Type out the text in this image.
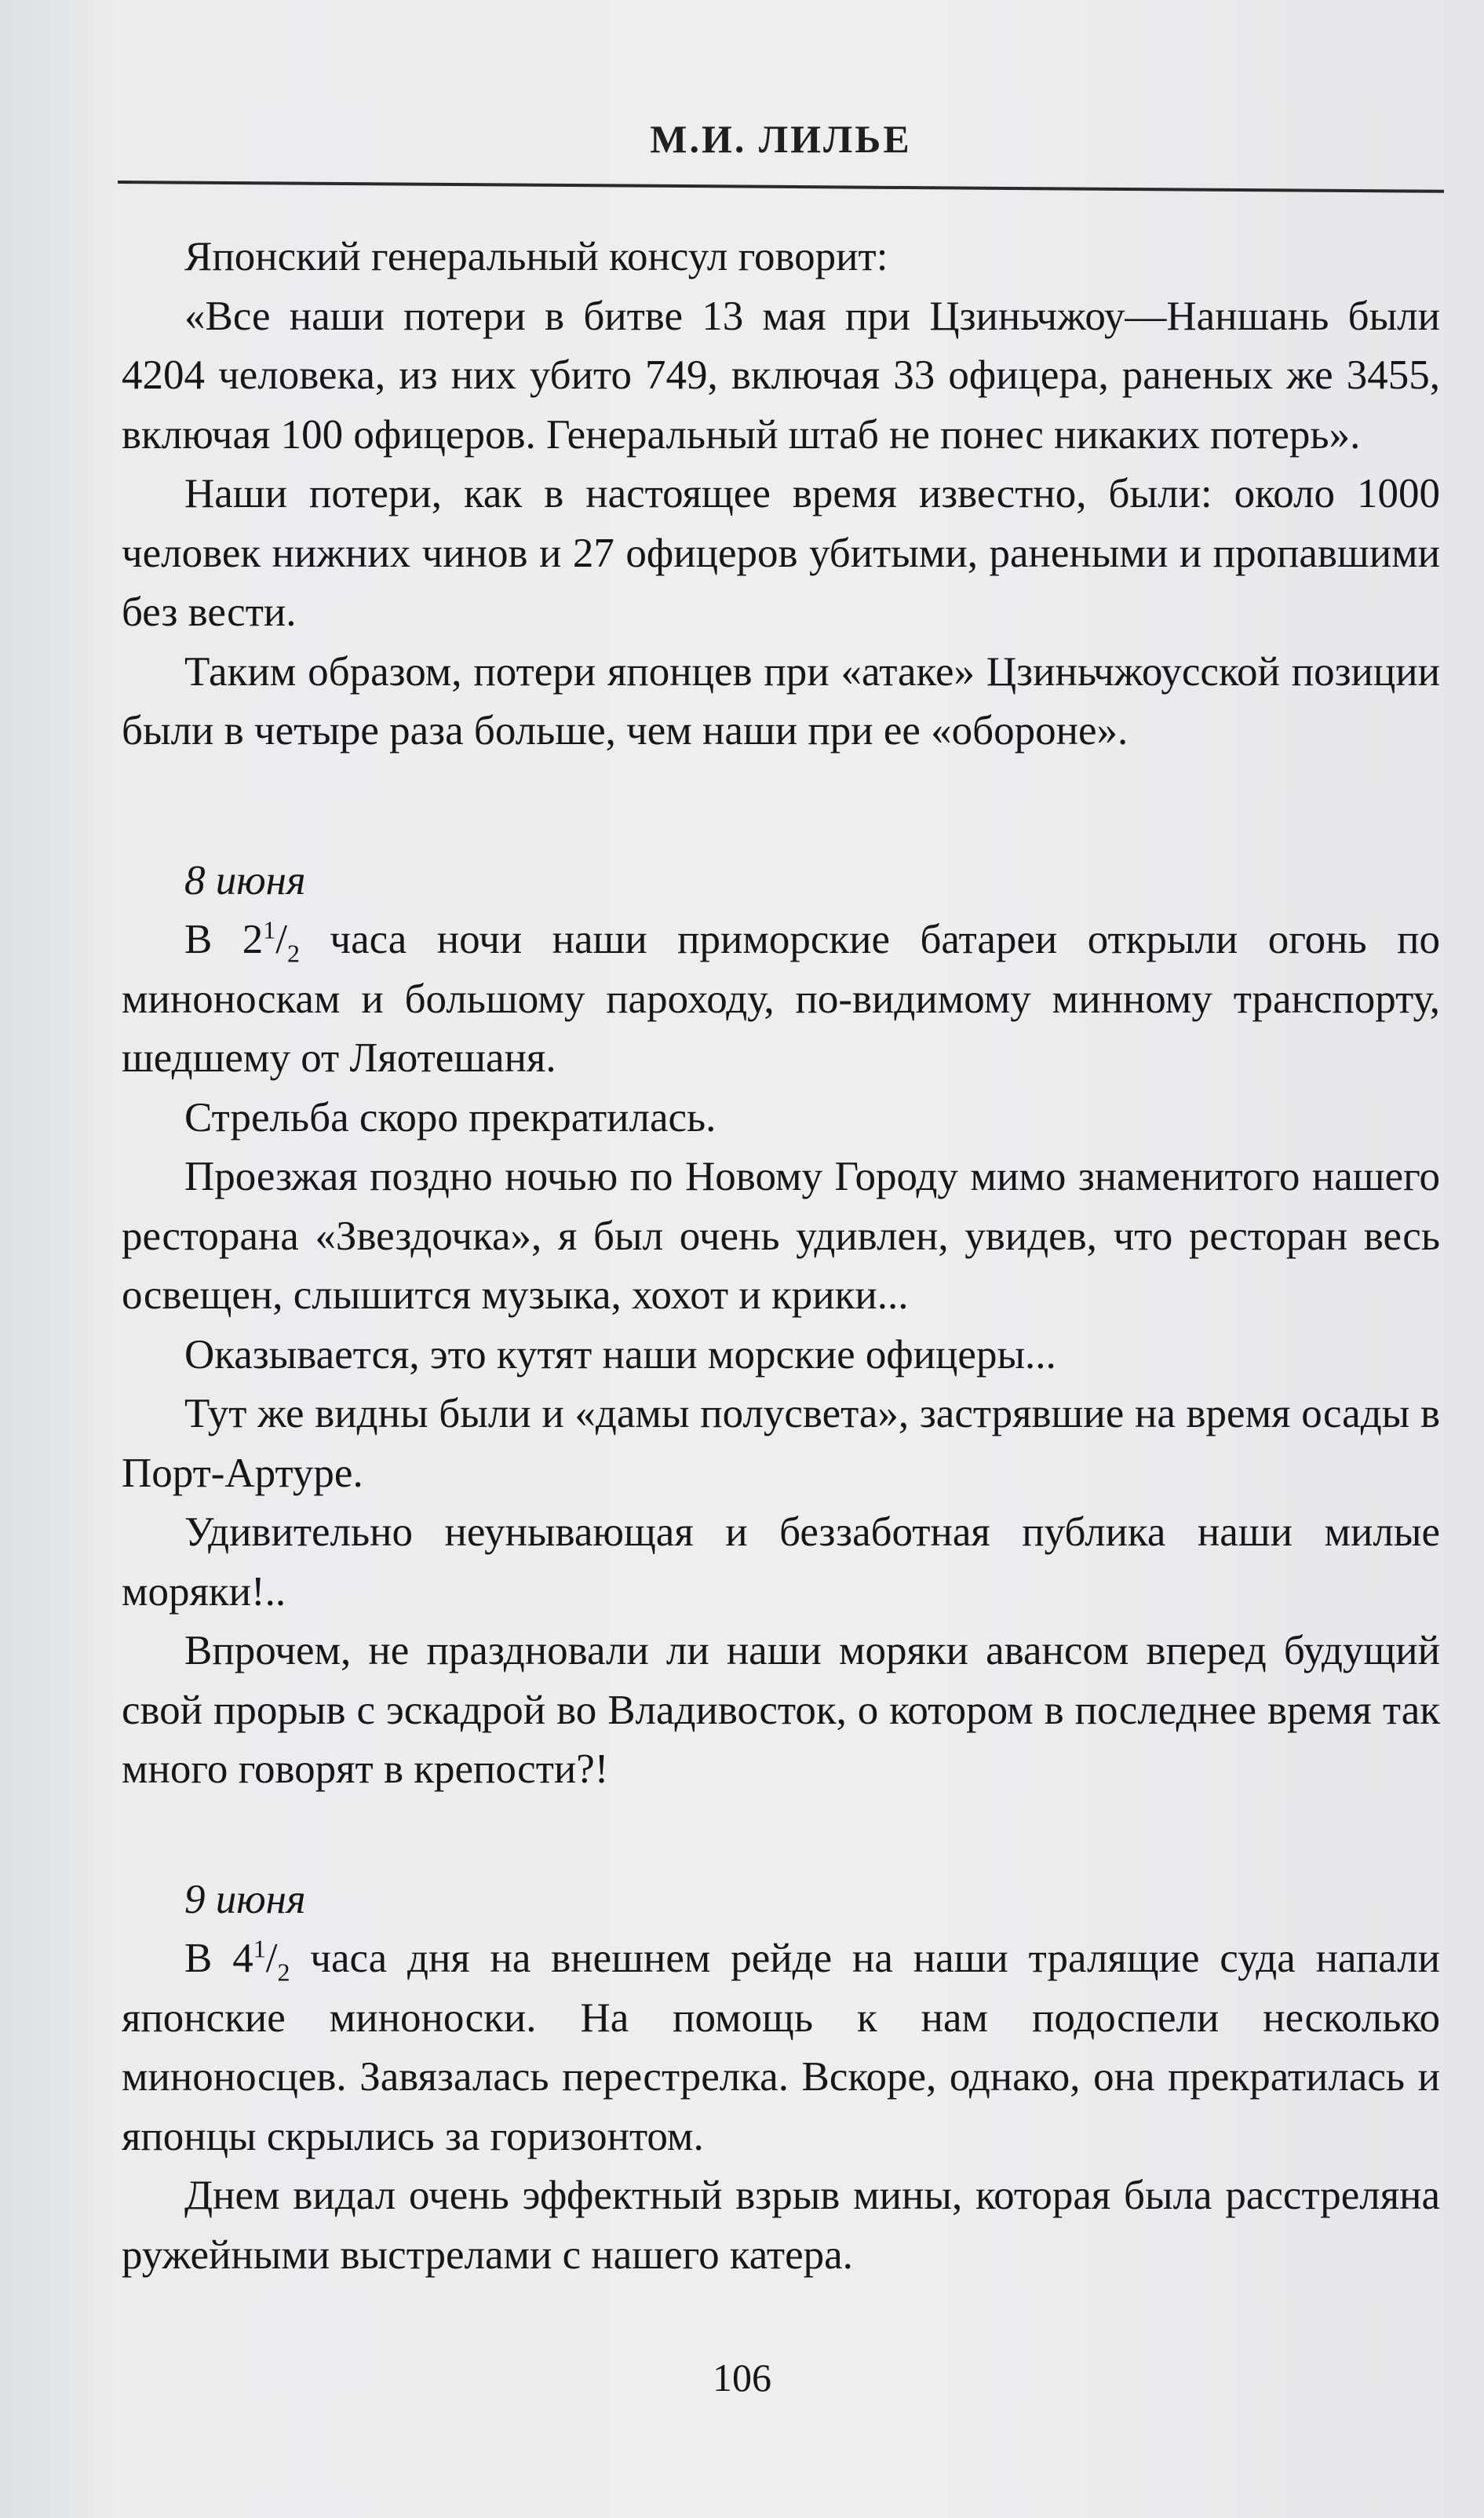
М.И. ЛИЛЬЕ

Японский генеральный консул говорит:

«Все наши потери в битве 13 мая при Цзиньчжоу—Наншань были 4204 человека, из них убито 749, включая 33 офицера, раненых же 3455, включая 100 офицеров. Генеральный штаб не понес никаких потерь».

Наши потери, как в настоящее время известно, были: около 1000 человек нижних чинов и 27 офицеров убитыми, ранеными и пропавшими без вести.

Таким образом, потери японцев при «атаке» Цзиньчжоусской позиции были в четыре раза больше, чем наши при ее «обороне».

8 июня

В $2^1/_2$ часа ночи наши приморские батареи открыли огонь по миноноскам и большому пароходу, по-видимому минному транспорту, шедшему от Ляотешаня.

Стрельба скоро прекратилась.

Проезжая поздно ночью по Новому Городу мимо знаменитого нашего ресторана «Звездочка», я был очень удивлен, увидев, что ресторан весь освещен, слышится музыка, хохот и крики...

Оказывается, это кутят наши морские офицеры...

Тут же видны были и «дамы полусвета», застрявшие на время осады в Порт-Артуре.

Удивительно неунывающая и беззаботная публика наши милые моряки!..

Впрочем, не праздновали ли наши моряки авансом вперед будущий свой прорыв с эскадрой во Владивосток, о котором в последнее время так много говорят в крепости?!

9 июня

В $4^1/_2$ часа дня на внешнем рейде на наши тралящие суда напали японские миноноски. На помощь к нам подоспели несколько миноносцев. Завязалась перестрелка. Вскоре, однако, она прекратилась и японцы скрылись за горизонтом.

Днем видал очень эффектный взрыв мины, которая была расстреляна ружейными выстрелами с нашего катера.

106
